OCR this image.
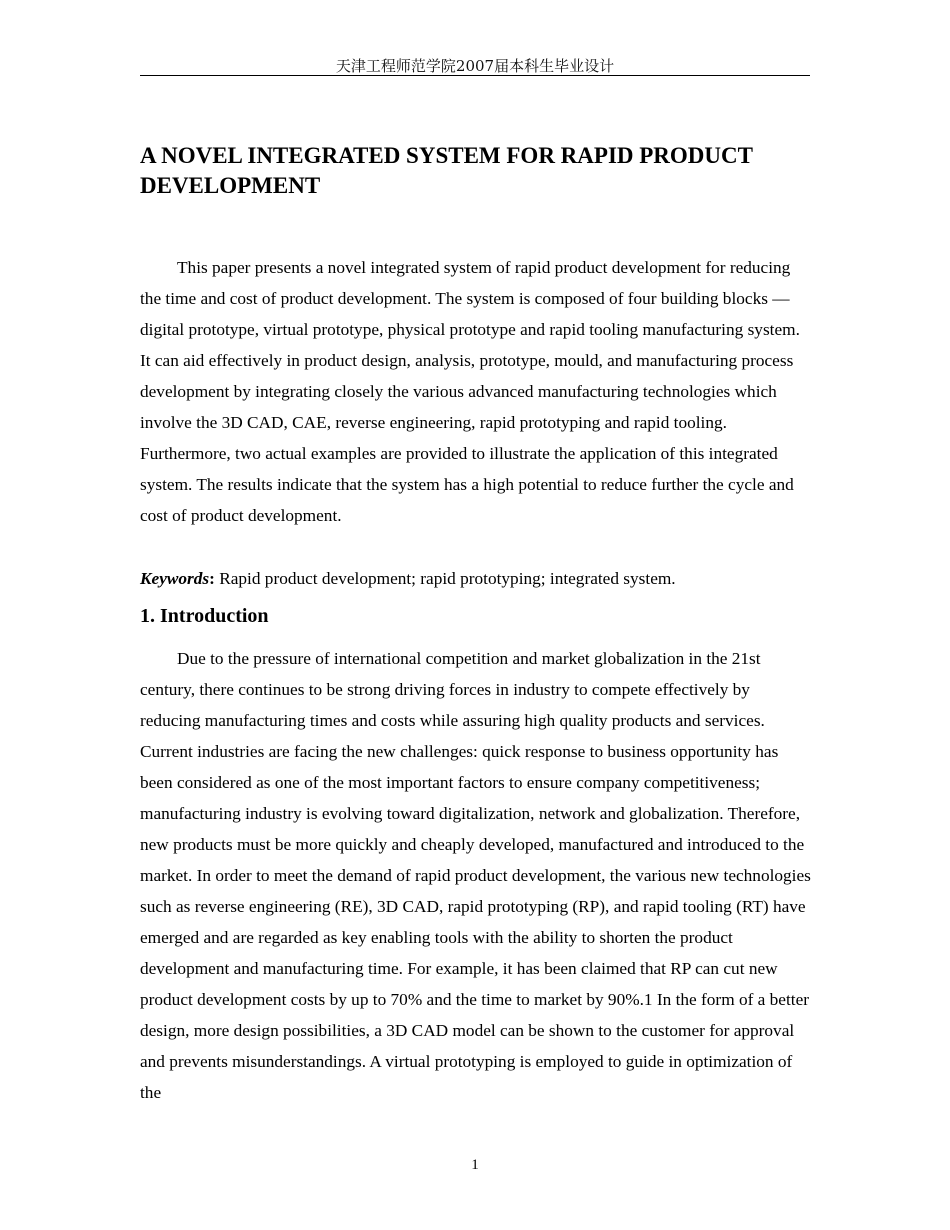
天津工程师范学院2007届本科生毕业设计
A NOVEL INTEGRATED SYSTEM FOR RAPID PRODUCT DEVELOPMENT

This paper presents a novel integrated system of rapid product development for reducing the time and cost of product development. The system is composed of four building blocks —digital prototype, virtual prototype, physical prototype and rapid tooling manufacturing system. It can aid effectively in product design, analysis, prototype, mould, and manufacturing process development by integrating closely the various advanced manufacturing technologies which involve the 3D CAD, CAE, reverse engineering, rapid prototyping and rapid tooling. Furthermore, two actual examples are provided to illustrate the application of this integrated system. The results indicate that the system has a high potential to reduce further the cycle and cost of product development.

Keywords: Rapid product development; rapid prototyping; integrated system.

1. Introduction

Due to the pressure of international competition and market globalization in the 21st century, there continues to be strong driving forces in industry to compete effectively by reducing manufacturing times and costs while assuring high quality products and services. Current industries are facing the new challenges: quick response to business opportunity has been considered as one of the most important factors to ensure company competitiveness; manufacturing industry is evolving toward digitalization, network and globalization. Therefore, new products must be more quickly and cheaply developed, manufactured and introduced to the market. In order to meet the demand of rapid product development, the various new technologies such as reverse engineering (RE), 3D CAD, rapid prototyping (RP), and rapid tooling (RT) have emerged and are regarded as key enabling tools with the ability to shorten the product development and manufacturing time. For example, it has been claimed that RP can cut new product development costs by up to 70% and the time to market by 90%.1 In the form of a better design, more design possibilities, a 3D CAD model can be shown to the customer for approval and prevents misunderstandings. A virtual prototyping is employed to guide in optimization of the

1
